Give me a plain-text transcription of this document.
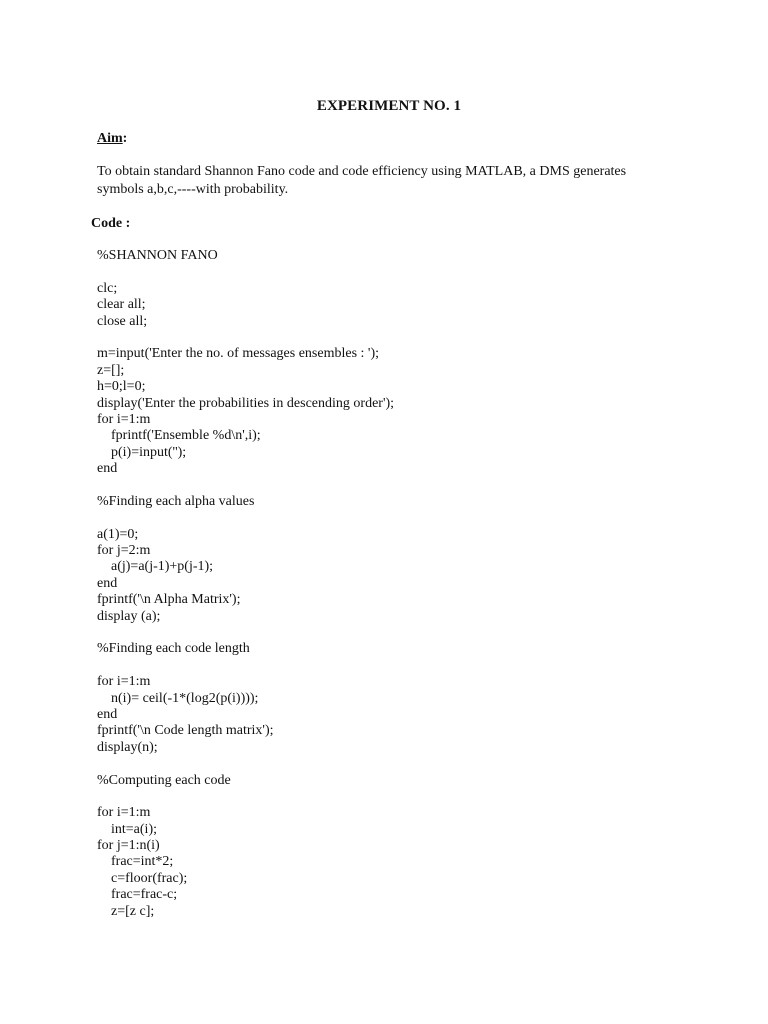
EXPERIMENT NO. 1
Aim:
To obtain standard Shannon Fano code and code efficiency using MATLAB, a DMS generates
symbols a,b,c,----with probability.
Code :
%SHANNON FANO
clc;
clear all;
close all;
m=input('Enter the no. of messages ensembles : ');
z=[];
h=0;l=0;
display('Enter the probabilities in descending order');
for i=1:m
fprintf('Ensemble %d\n',i);
p(i)=input('');
end
%Finding each alpha values
a(1)=0;
for j=2:m
a(j)=a(j-1)+p(j-1);
end
fprintf('\n Alpha Matrix');
display (a);
%Finding each code length
for i=1:m
n(i)= ceil(-1*(log2(p(i))));
end
fprintf('\n Code length matrix');
display(n);
%Computing each code
for i=1:m
int=a(i);
for j=1:n(i)
frac=int*2;
c=floor(frac);
frac=frac-c;
z=[z c];
